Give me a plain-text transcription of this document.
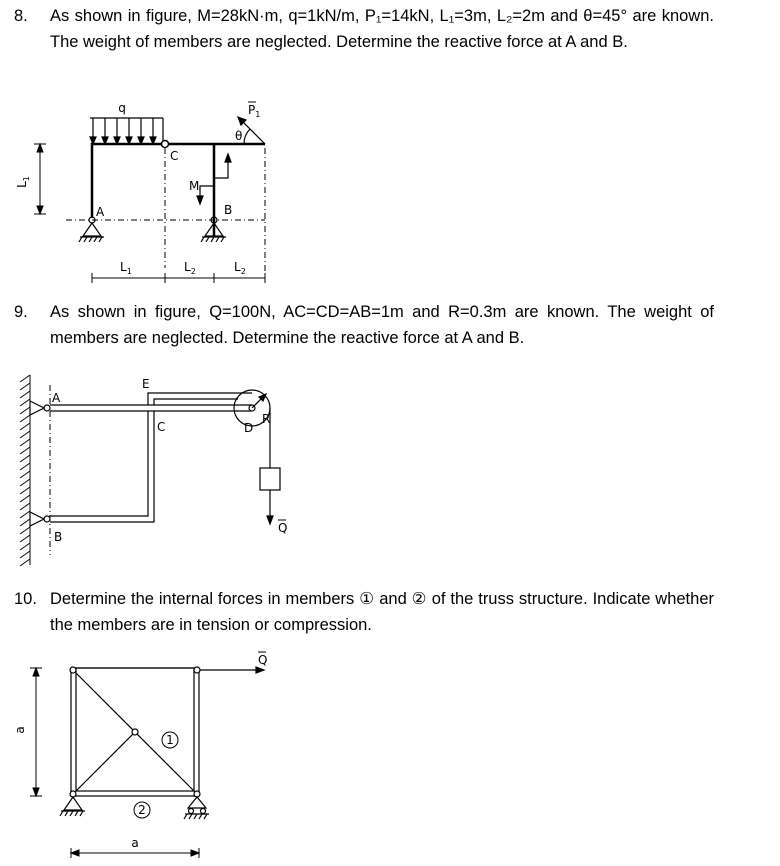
8. As shown in figure, M=28kN·m, q=1kN/m, P₁=14kN, L₁=3m, L₂=2m and θ=45° are known. The weight of members are neglected. Determine the reactive force at A and B.
$L_1$
q
C
$P_1$
θ
M
A	B
$L_1$	$L_2$	$L_2$
9. As shown in figure, Q=100N, AC=CD=AB=1m and R=0.3m are known. The weight of members are neglected. Determine the reactive force at A and B.
A
B
E
C	D
R
Q
10. Determine the internal forces in members ① and ② of the truss structure. Indicate whether the members are in tension or compression.
a
1
2
Q
a
